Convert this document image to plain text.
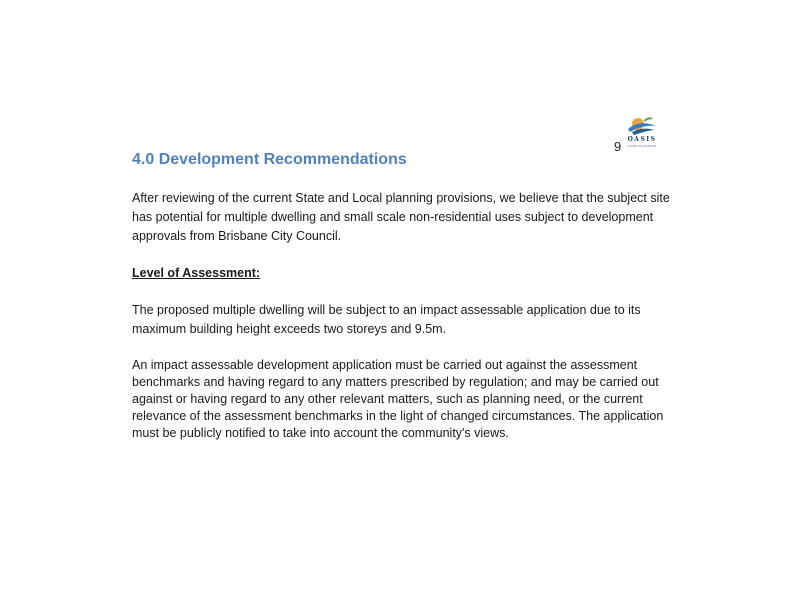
9	OASIS
TOWN PLANNING
4.0 Development Recommendations

After reviewing of the current State and Local planning provisions, we believe that the subject site has potential for multiple dwelling and small scale non-residential uses subject to development approvals from Brisbane City Council.

Level of Assessment:

The proposed multiple dwelling will be subject to an impact assessable application due to its maximum building height exceeds two storeys and 9.5m.

An impact assessable development application must be carried out against the assessment benchmarks and having regard to any matters prescribed by regulation; and may be carried out against or having regard to any other relevant matters, such as planning need, or the current relevance of the assessment benchmarks in the light of changed circumstances. The application must be publicly notified to take into account the community's views.
